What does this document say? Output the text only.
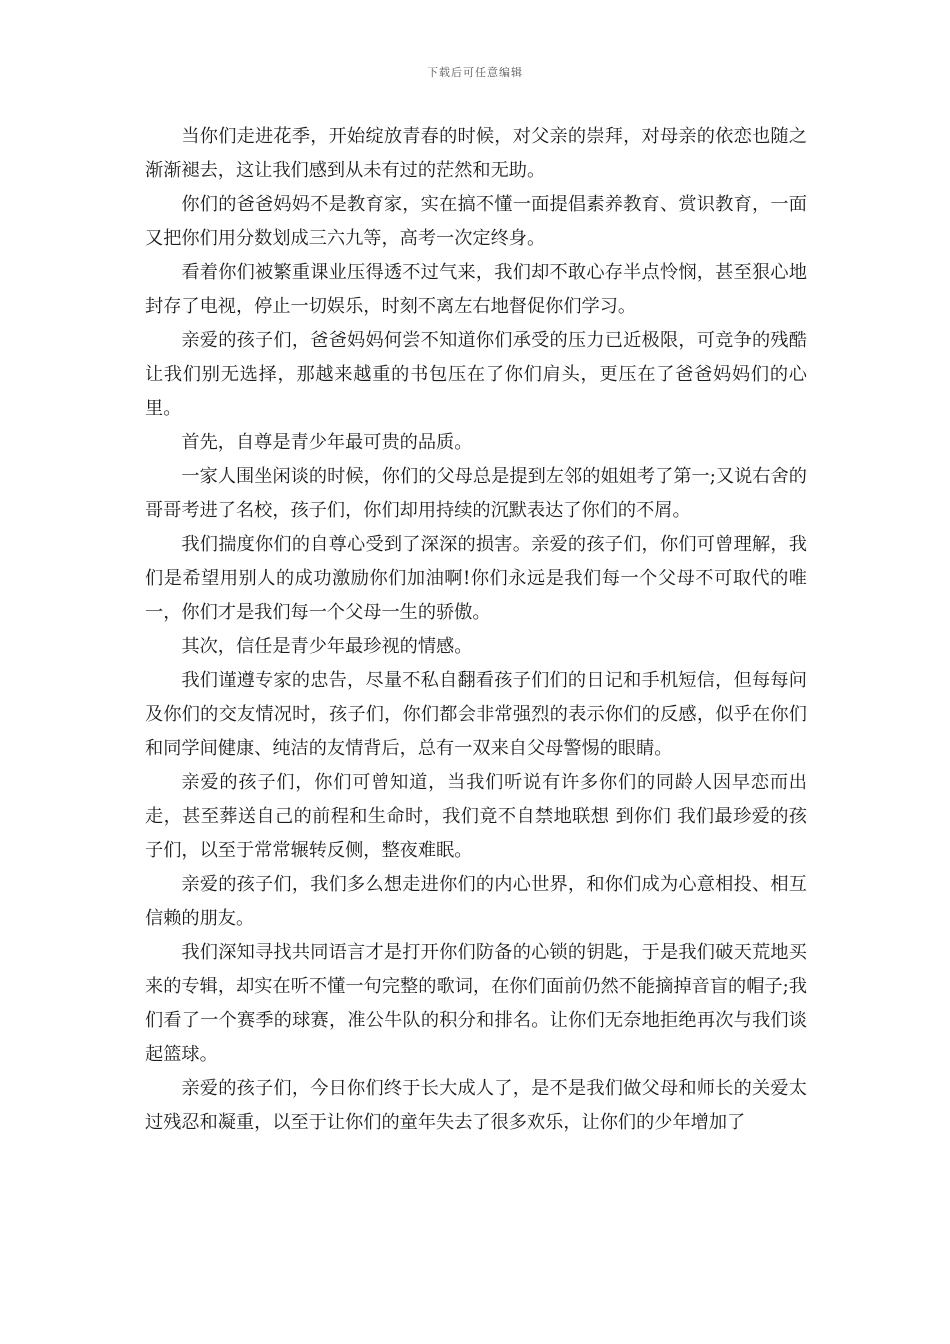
下载后可任意编辑

当你们走进花季，开始绽放青春的时候，对父亲的崇拜，对母亲的依恋也随之渐渐褪去，这让我们感到从未有过的茫然和无助。

你们的爸爸妈妈不是教育家，实在搞不懂一面提倡素养教育、赏识教育，一面又把你们用分数划成三六九等，高考一次定终身。

看着你们被繁重课业压得透不过气来，我们却不敢心存半点怜悯，甚至狠心地封存了电视，停止一切娱乐，时刻不离左右地督促你们学习。

亲爱的孩子们，爸爸妈妈何尝不知道你们承受的压力已近极限，可竞争的残酷让我们别无选择，那越来越重的书包压在了你们肩头，更压在了爸爸妈妈们的心里。

首先，自尊是青少年最可贵的品质。

一家人围坐闲谈的时候，你们的父母总是提到左邻的姐姐考了第一;又说右舍的哥哥考进了名校，孩子们，你们却用持续的沉默表达了你们的不屑。

我们揣度你们的自尊心受到了深深的损害。亲爱的孩子们，你们可曾理解，我们是希望用别人的成功激励你们加油啊!你们永远是我们每一个父母不可取代的唯一，你们才是我们每一个父母一生的骄傲。

其次，信任是青少年最珍视的情感。

我们谨遵专家的忠告，尽量不私自翻看孩子们们的日记和手机短信，但每每问及你们的交友情况时，孩子们，你们都会非常强烈的表示你们的反感，似乎在你们和同学间健康、纯洁的友情背后，总有一双来自父母警惕的眼睛。

亲爱的孩子们，你们可曾知道，当我们听说有许多你们的同龄人因早恋而出走，甚至葬送自己的前程和生命时，我们竟不自禁地联想 到你们 我们最珍爱的孩子们，以至于常常辗转反侧，整夜难眠。

亲爱的孩子们，我们多么想走进你们的内心世界，和你们成为心意相投、相互信赖的朋友。

我们深知寻找共同语言才是打开你们防备的心锁的钥匙，于是我们破天荒地买来的专辑，却实在听不懂一句完整的歌词，在你们面前仍然不能摘掉音盲的帽子;我们看了一个赛季的球赛，准公牛队的积分和排名。让你们无奈地拒绝再次与我们谈起篮球。

亲爱的孩子们，今日你们终于长大成人了，是不是我们做父母和师长的关爱太过残忍和凝重，以至于让你们的童年失去了很多欢乐，让你们的少年增加了
